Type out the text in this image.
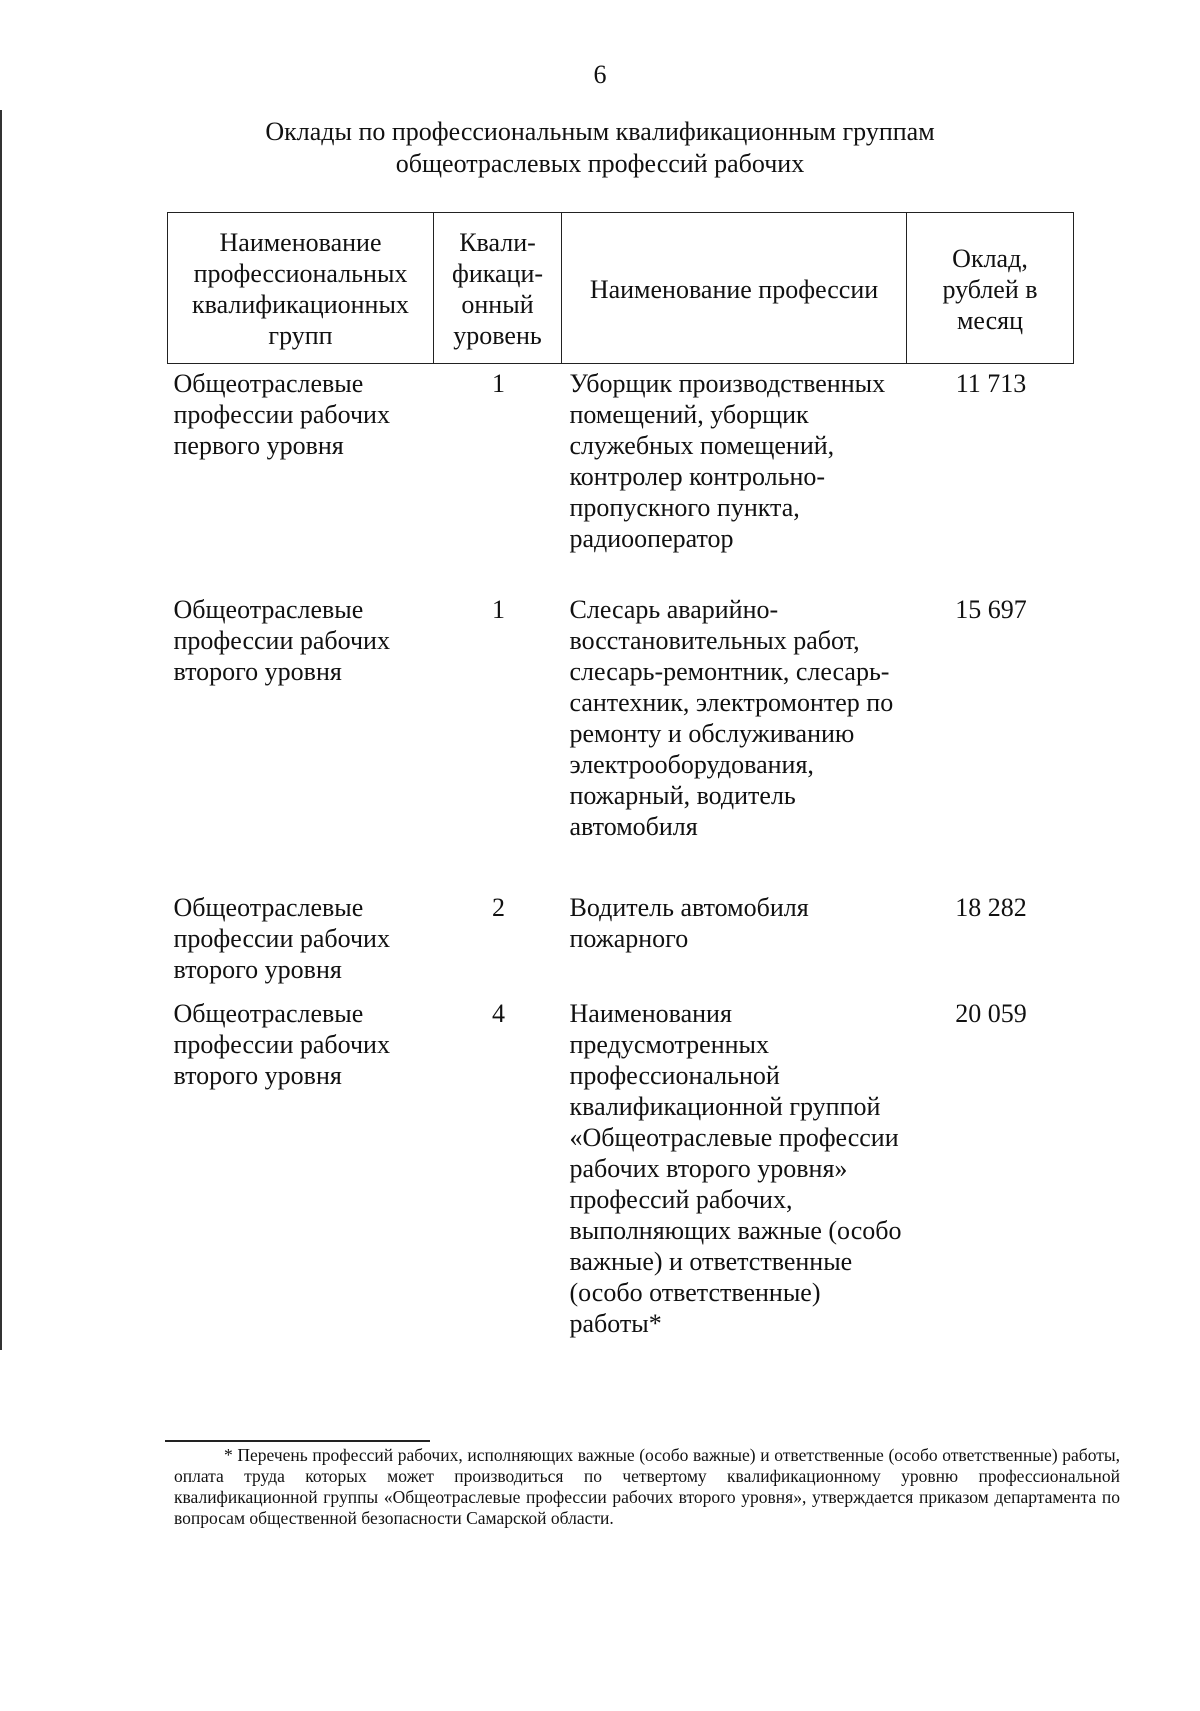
6
Оклады по профессиональным квалификационным группам
общеотраслевых профессий рабочих
Наименование профессиональных квалификационных групп	Квали-фикаци-онный уровень	Наименование профессии	Оклад, рублей в месяц
Общеотраслевые профессии рабочих первого уровня	1	Уборщик производственных помещений, уборщик служебных помещений, контролер контрольно-пропускного пункта, радиооператор	11 713
Общеотраслевые профессии рабочих второго уровня	1	Слесарь аварийно-восстановительных работ, слесарь-ремонтник, слесарь-сантехник, электромонтер по ремонту и обслуживанию электрооборудования, пожарный, водитель автомобиля	15 697
Общеотраслевые профессии рабочих второго уровня	2	Водитель автомобиля пожарного	18 282
Общеотраслевые профессии рабочих второго уровня	4	Наименования предусмотренных профессиональной квалификационной группой «Общеотраслевые профессии рабочих второго уровня» профессий рабочих, выполняющих важные (особо важные) и ответственные (особо ответственные) работы*	20 059
* Перечень профессий рабочих, исполняющих важные (особо важные) и ответственные (особо ответственные) работы, оплата труда которых может производиться по четвертому квалификационному уровню профессиональной квалификационной группы «Общеотраслевые профессии рабочих второго уровня», утверждается приказом департамента по вопросам общественной безопасности Самарской области.
